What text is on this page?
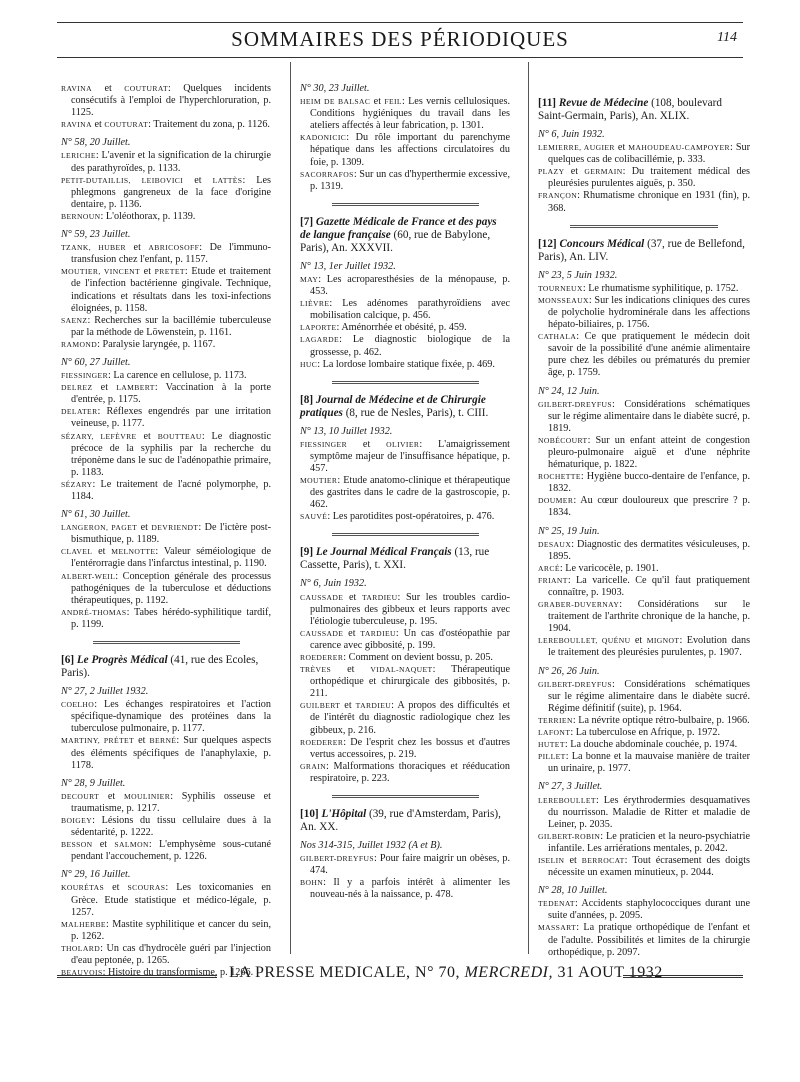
SOMMAIRES DES PÉRIODIQUES	114
RAVINA et COUTURAT: Quelques incidents consécutifs à l'emploi de l'hyperchloruration, p. 1125.
RAVINA et COUTURAT: Traitement du zona, p. 1126.
N° 58, 20 Juillet.
LERICHE: L'avenir et la signification de la chirurgie des parathyroïdes, p. 1133.
PETIT-DUTAILLIS, LEIBOVICI et LATTÈS: Les phlegmons gangreneux de la face d'origine dentaire, p. 1136.
BERNOUN: L'oléothorax, p. 1139.
N° 59, 23 Juillet.
TZANK, HUBER et ABRICOSOFF: De l'immuno-transfusion chez l'enfant, p. 1157.
MOUTIER, VINCENT et PRETET: Etude et traitement de l'infection bactérienne gingivale. Technique, indications et résultats dans les toxi-infections éloignées, p. 1158.
SAENZ: Recherches sur la bacillémie tuberculeuse par la méthode de Löwenstein, p. 1161.
RAMOND: Paralysie laryngée, p. 1167.
N° 60, 27 Juillet.
FIESSINGER: La carence en cellulose, p. 1173.
DELREZ et LAMBERT: Vaccination à la porte d'entrée, p. 1175.
DELATER: Réflexes engendrés par une irritation veineuse, p. 1177.
SÉZARY, LEFÈVRE et BOUTTEAU: Le diagnostic précoce de la syphilis par la recherche du tréponème dans le suc de l'adénopathie primaire, p. 1183.
SÉZARY: Le traitement de l'acné polymorphe, p. 1184.
N° 61, 30 Juillet.
LANGERON, PAGET et DEVRIENDT: De l'ictère post-bismuthique, p. 1189.
CLAVEL et MELNOTTE: Valeur séméiologique de l'entérorragie dans l'infarctus intestinal, p. 1190.
ALBERT-WEIL: Conception générale des processus pathogéniques de la tuberculose et déductions thérapeutiques, p. 1192.
ANDRÉ-THOMAS: Tabes hérédo-syphilitique tardif, p. 1199.
[6] Le Progrès Médical (41, rue des Ecoles, Paris).
N° 27, 2 Juillet 1932.
COELHO: Les échanges respiratoires et l'action spécifique-dynamique des protéines dans la tuberculose pulmonaire, p. 1177.
MARTINY, PRÉTET et BERNÉ: Sur quelques aspects des éléments spécifiques de l'anaphylaxie, p. 1178.
N° 28, 9 Juillet.
DECOURT et MOULINIER: Syphilis osseuse et traumatisme, p. 1217.
BOIGEY: Lésions du tissu cellulaire dues à la sédentarité, p. 1222.
BESSON et SALMON: L'emphysème sous-cutané pendant l'accouchement, p. 1226.
N° 29, 16 Juillet.
KOURÉTAS et SCOURAS: Les toxicomanies en Grèce. Etude statistique et médico-légale, p. 1257.
MALHERBE: Mastite syphilitique et cancer du sein, p. 1262.
THOLARD: Un cas d'hydrocèle guéri par l'injection d'eau peptonée, p. 1265.
BEAUVOIS: Histoire du transformisme, p. 1266.
N° 30, 23 Juillet.
HEIM DE BALSAC et FEIL: Les vernis cellulosiques. Conditions hygiéniques du travail dans les ateliers affectés à leur fabrication, p. 1301.
KADONICIC: Du rôle important du parenchyme hépatique dans les affections circulatoires du foie, p. 1309.
SACORRAFOS: Sur un cas d'hyperthermie excessive, p. 1319.
[7] Gazette Médicale de France et des pays de langue française (60, rue de Babylone, Paris), An. XXXVII.
N° 13, 1er Juillet 1932.
MAY: Les acroparesthésies de la ménopause, p. 453.
LIÈVRE: Les adénomes parathyroïdiens avec mobilisation calcique, p. 456.
LAPORTE: Aménorrhée et obésité, p. 459.
LAGARDE: Le diagnostic biologique de la grossesse, p. 462.
HUC: La lordose lombaire statique fixée, p. 469.
[8] Journal de Médecine et de Chirurgie pratiques (8, rue de Nesles, Paris), t. CIII.
N° 13, 10 Juillet 1932.
FIESSINGER et OLIVIER: L'amaigrissement symptôme majeur de l'insuffisance hépatique, p. 457.
MOUTIER: Etude anatomo-clinique et thérapeutique des gastrites dans le cadre de la gastroscopie, p. 462.
SAUVÉ: Les parotidites post-opératoires, p. 476.
[9] Le Journal Médical Français (13, rue Cassette, Paris), t. XXI.
N° 6, Juin 1932.
CAUSSADE et TARDIEU: Sur les troubles cardio-pulmonaires des gibbeux et leurs rapports avec l'étiologie tuberculeuse, p. 195.
CAUSSADE et TARDIEU: Un cas d'ostéopathie par carence avec gibbosité, p. 199.
ROEDERER: Comment on devient bossu, p. 205.
TRÈVES et VIDAL-NAQUET: Thérapeutique orthopédique et chirurgicale des gibbosités, p. 211.
GUILBERT et TARDIEU: A propos des difficultés et de l'intérêt du diagnostic radiologique chez les gibbeux, p. 216.
ROEDERER: De l'esprit chez les bossus et d'autres vertus accessoires, p. 219.
GRAIN: Malformations thoraciques et rééducation respiratoire, p. 223.
[10] L'Hôpital (39, rue d'Amsterdam, Paris), An. XX.
Nos 314-315, Juillet 1932 (A et B).
GILBERT-DREYFUS: Pour faire maigrir un obèses, p. 474.
BOHN: Il y a parfois intérêt à alimenter les nouveau-nés à la naissance, p. 478.
[11] Revue de Médecine (108, boulevard Saint-Germain, Paris), An. XLIX.
N° 6, Juin 1932.
LEMIERRE, AUGIER et MAHOUDEAU-CAMPOYER: Sur quelques cas de colibacillémie, p. 333.
PLAZY et GERMAIN: Du traitement médical des pleurésies purulentes aiguës, p. 350.
FRANÇON: Rhumatisme chronique en 1931 (fin), p. 368.
[12] Concours Médical (37, rue de Bellefond, Paris), An. LIV.
N° 23, 5 Juin 1932.
TOURNEUX: Le rhumatisme syphilitique, p. 1752.
MONSSEAUX: Sur les indications cliniques des cures de polycholie hydrominérale dans les affections hépato-biliaires, p. 1756.
CATHALA: Ce que pratiquement le médecin doit savoir de la possibilité d'une anémie alimentaire pure chez les débiles ou prématurés du premier âge, p. 1759.
N° 24, 12 Juin.
GILBERT-DREYFUS: Considérations schématiques sur le régime alimentaire dans le diabète sucré, p. 1819.
NOBÉCOURT: Sur un enfant atteint de congestion pleuro-pulmonaire aiguë et d'une néphrite hématurique, p. 1822.
ROCHETTE: Hygiène bucco-dentaire de l'enfance, p. 1832.
DOUMER: Au cœur douloureux que prescrire ? p. 1834.
N° 25, 19 Juin.
DESAUX: Diagnostic des dermatites vésiculeuses, p. 1895.
ARCÉ: Le varicocèle, p. 1901.
FRIANT: La varicelle. Ce qu'il faut pratiquement connaître, p. 1903.
GRABER-DUVERNAY: Considérations sur le traitement de l'arthrite chronique de la hanche, p. 1904.
LEREBOULLET, QUÉNU et MIGNOT: Evolution dans le traitement des pleurésies purulentes, p. 1907.
N° 26, 26 Juin.
GILBERT-DREYFUS: Considérations schématiques sur le régime alimentaire dans le diabète sucré. Régime définitif (suite), p. 1964.
TERRIEN: La névrite optique rétro-bulbaire, p. 1966.
LAFONT: La tuberculose en Afrique, p. 1972.
HUTET: La douche abdominale couchée, p. 1974.
PILLET: La bonne et la mauvaise manière de traiter un urinaire, p. 1977.
N° 27, 3 Juillet.
LEREBOULLET: Les érythrodermies desquamatives du nourrisson. Maladie de Ritter et maladie de Leiner, p. 2035.
GILBERT-ROBIN: Le praticien et la neuro-psychiatrie infantile. Les arriérations mentales, p. 2042.
ISELIN et BERROCAT: Tout écrasement des doigts nécessite un examen minutieux, p. 2044.
N° 28, 10 Juillet.
TEDENAT: Accidents staphylococciques durant une suite d'années, p. 2095.
MASSART: La pratique orthopédique de l'enfant et de l'adulte. Possibilités et limites de la chirurgie orthopédique, p. 2097.
LA PRESSE MEDICALE, N° 70, MERCREDI, 31 AOUT 1932
